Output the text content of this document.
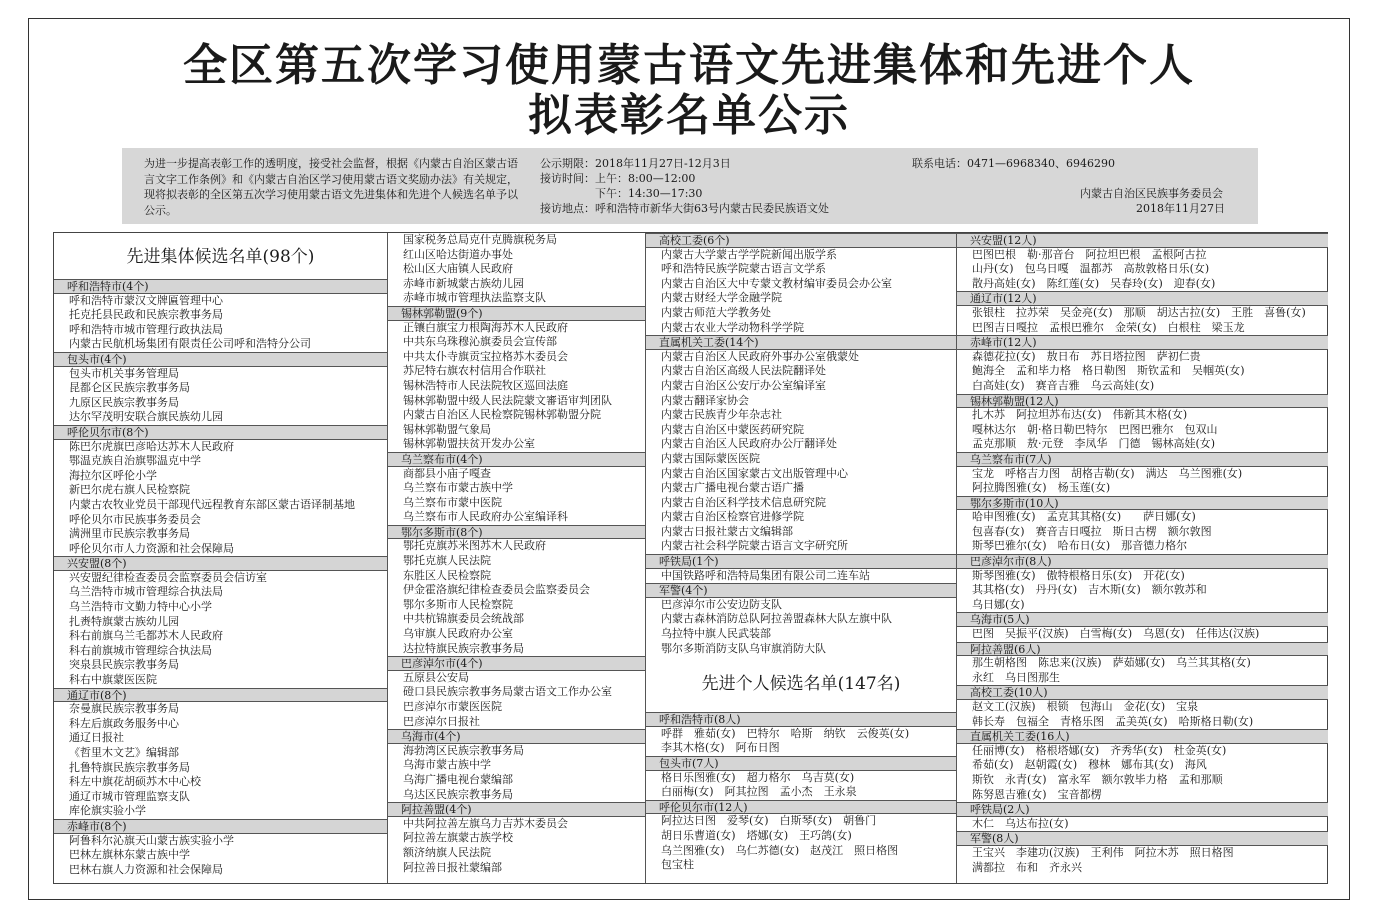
全区第五次学习使用蒙古语文先进集体和先进个人
拟表彰名单公示
为进一步提高表彰工作的透明度，接受社会监督，根据《内蒙古自治区蒙古语言文字工作条例》和《内蒙古自治区学习使用蒙古语文奖励办法》有关规定，现将拟表彰的全区第五次学习使用蒙古语文先进集体和先进个人候选名单予以公示。
公示期限：2018年11月27日-12月3日
接访时间：上午：8:00—12:00
下午：14:30—17:30
接访地点：呼和浩特市新华大街63号内蒙古民委民族语文处
联系电话：0471—6968340、6946290
内蒙古自治区民族事务委员会
2018年11月27日
先进集体候选名单(98个)
呼和浩特市(4个)
呼和浩特市蒙汉文牌匾管理中心
托克托县民政和民族宗教事务局
呼和浩特市城市管理行政执法局
内蒙古民航机场集团有限责任公司呼和浩特分公司
包头市(4个)
包头市机关事务管理局
昆都仑区民族宗教事务局
九原区民族宗教事务局
达尔罕茂明安联合旗民族幼儿园
呼伦贝尔市(8个)
陈巴尔虎旗巴彦哈达苏木人民政府
鄂温克族自治旗鄂温克中学
海拉尔区呼伦小学
新巴尔虎右旗人民检察院
内蒙古农牧业党员干部现代远程教育东部区蒙古语译制基地
呼伦贝尔市民族事务委员会
满洲里市民族宗教事务局
呼伦贝尔市人力资源和社会保障局
兴安盟(8个)
兴安盟纪律检查委员会监察委员会信访室
乌兰浩特市城市管理综合执法局
乌兰浩特市文勤力特中心小学
扎赉特旗蒙古族幼儿园
科右前旗乌兰毛都苏木人民政府
科右前旗城市管理综合执法局
突泉县民族宗教事务局
科右中旗蒙医医院
通辽市(8个)
奈曼旗民族宗教事务局
科左后旗政务服务中心
通辽日报社
《哲里木文艺》编辑部
扎鲁特旗民族宗教事务局
科左中旗花胡硕苏木中心校
通辽市城市管理监察支队
库伦旗实验小学
赤峰市(8个)
阿鲁科尔沁旗天山蒙古族实验小学
巴林左旗林东蒙古族中学
巴林右旗人力资源和社会保障局
国家税务总局克什克腾旗税务局
红山区哈达街道办事处
松山区大庙镇人民政府
赤峰市新城蒙古族幼儿园
赤峰市城市管理执法监察支队
锡林郭勒盟(9个)
正镶白旗宝力根陶海苏木人民政府
中共东乌珠穆沁旗委员会宣传部
中共太仆寺旗贡宝拉格苏木委员会
苏尼特右旗农村信用合作联社
锡林浩特市人民法院牧区巡回法庭
锡林郭勒盟中级人民法院蒙文審语审判团队
内蒙古自治区人民检察院锡林郭勒盟分院
锡林郭勒盟气象局
锡林郭勒盟扶贫开发办公室
乌兰察布市(4个)
商都县小庙子嘎查
乌兰察布市蒙古族中学
乌兰察布市蒙中医院
乌兰察布市人民政府办公室编译科
鄂尔多斯市(8个)
鄂托克旗苏米图苏木人民政府
鄂托克旗人民法院
东胜区人民检察院
伊金霍洛旗纪律检查委员会监察委员会
鄂尔多斯市人民检察院
中共杭锦旗委员会统战部
乌审旗人民政府办公室
达拉特旗民族宗教事务局
巴彦淖尔市(4个)
五原县公安局
磴口县民族宗教事务局蒙古语文工作办公室
巴彦淖尔市蒙医医院
巴彦淖尔日报社
乌海市(4个)
海勃湾区民族宗教事务局
乌海市蒙古族中学
乌海广播电视台蒙编部
乌达区民族宗教事务局
阿拉善盟(4个)
中共阿拉善左旗乌力吉苏木委员会
阿拉善左旗蒙古族学校
额济纳旗人民法院
阿拉善日报社蒙编部
高校工委(6个)
内蒙古大学蒙古学学院新闻出版学系
呼和浩特民族学院蒙古语言文学系
内蒙古自治区大中专蒙文教材编审委员会办公室
内蒙古财经大学金融学院
内蒙古师范大学教务处
内蒙古农业大学动物科学学院
直属机关工委(14个)
内蒙古自治区人民政府外事办公室俄蒙处
内蒙古自治区高级人民法院翻译处
内蒙古自治区公安厅办公室编译室
内蒙古翻译家协会
内蒙古民族青少年杂志社
内蒙古自治区中蒙医药研究院
内蒙古自治区人民政府办公厅翻译处
内蒙古国际蒙医医院
内蒙古自治区国家蒙古文出版管理中心
内蒙古广播电视台蒙古语广播
内蒙古自治区科学技术信息研究院
内蒙古自治区检察官进修学院
内蒙古日报社蒙古文编辑部
内蒙古社会科学院蒙古语言文字研究所
呼铁局(1个)
中国铁路呼和浩特局集团有限公司二连车站
军警(4个)
巴彦淖尔市公安边防支队
内蒙古森林消防总队阿拉善盟森林大队左旗中队
乌拉特中旗人民武装部
鄂尔多斯消防支队乌审旗消防大队
先进个人候选名单(147名)
呼和浩特市(8人)
呼群　雅茹(女)　巴特尔　哈斯　纳钦　云俊英(女)
李其木格(女)　阿布日图
包头市(7人)
格日乐图雅(女)　超力格尔　乌吉莫(女)
白丽梅(女)　阿其拉图　孟小杰　王永泉
呼伦贝尔市(12人)
阿拉达日图　爱琴(女)　白斯琴(女)　朝鲁门
胡日乐曹道(女)　塔娜(女)　王巧鸽(女)
乌兰图雅(女)　乌仁苏德(女)　赵茂江　照日格图
包宝柱
兴安盟(12人)
巴图巴根　勒·那音台　阿拉坦巴根　孟根阿古拉
山丹(女)　包乌日嘎　温都苏　高敖敦格日乐(女)
散丹高娃(女)　陈红莲(女)　吴春玲(女)　迎春(女)
通辽市(12人)
张银柱　拉苏荣　吴金亮(女)　那顺　胡达古拉(女)　王胜　喜鲁(女)
巴图吉日嘎拉　孟根巴雅尔　金荣(女)　白根柱　梁玉龙
赤峰市(12人)
森德花拉(女)　敖日布　苏日塔拉图　萨初仁贵
鲍海全　孟和毕力格　格日勒图　斯钦孟和　吴帼英(女)
白高娃(女)　赛音吉雅　乌云高娃(女)
锡林郭勒盟(12人)
扎木苏　阿拉坦苏布达(女)　伟新其木格(女)
嘎林达尔　朝·格日勒巴特尔　巴图巴雅尔　包双山
孟克那顺　敖·元登　李凤华　门德　锡林高娃(女)
乌兰察布市(7人)
宝龙　呼格吉力图　胡格吉勒(女)　满达　乌兰图雅(女)
阿拉腾图雅(女)　杨玉莲(女)
鄂尔多斯市(10人)
哈申图雅(女)　孟克其其格(女)　　萨日娜(女)
包喜春(女)　赛音吉日嘎拉　斯日古楞　额尔敦图
斯琴巴雅尔(女)　哈布日(女)　那音德力格尔
巴彦淖尔市(8人)
斯琴图雅(女)　傲特根格日乐(女)　开花(女)
其其格(女)　丹丹(女)　吉木斯(女)　额尔敦苏和
乌日娜(女)
乌海市(5人)
巴图　吴振平(汉族)　白雪梅(女)　乌恩(女)　任伟达(汉族)
阿拉善盟(6人)
那生朝格图　陈忠来(汉族)　萨茹娜(女)　乌兰其其格(女)
永红　乌日图那生
高校工委(10人)
赵文工(汉族)　根锁　包海山　金花(女)　宝泉
韩长寿　包福全　青格乐图　孟美英(女)　哈斯格日勒(女)
直属机关工委(16人)
任丽博(女)　格根塔娜(女)　齐秀华(女)　杜金英(女)
希茹(女)　赵朝霞(女)　穆林　娜布其(女)　海风
斯钦　永青(女)　富永军　额尔敦毕力格　孟和那顺
陈努恩吉雅(女)　宝音都楞
呼铁局(2人)
木仁　乌达布拉(女)
军警(8人)
王宝兴　李建功(汉族)　王利伟　阿拉木苏　照日格图
满都拉　布和　齐永兴
